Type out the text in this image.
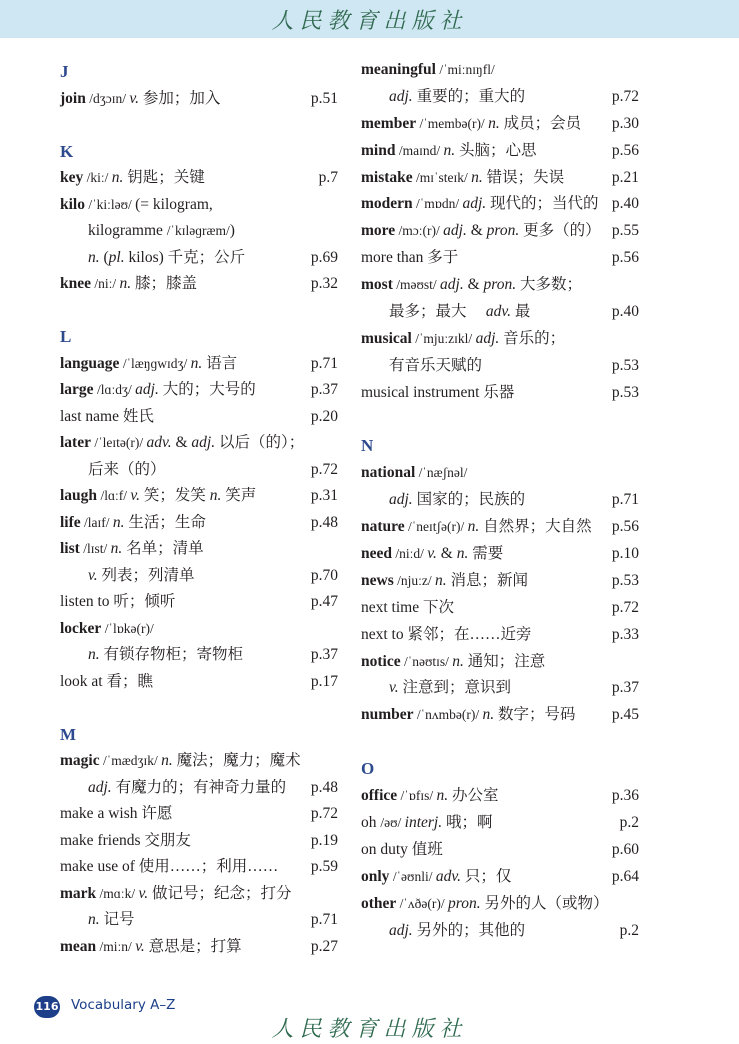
人民教育出版社
J
join /dʒɔɪn/ v. 参加；加入	p.51
K
key /kiː/ n. 钥匙；关键	p.7
kilo /ˈkiːləʊ/ (= kilogram,
kilogramme /ˈkɪləɡræm/)
n. (pl. kilos) 千克；公斤	p.69
knee /niː/ n. 膝；膝盖	p.32
L
language /ˈlæŋɡwɪdʒ/ n. 语言	p.71
large /lɑːdʒ/ adj. 大的；大号的	p.37
last name 姓氏	p.20
later /ˈleɪtə(r)/ adv. & adj. 以后（的）；
后来（的）	p.72
laugh /lɑːf/ v. 笑；发笑 n. 笑声	p.31
life /laɪf/ n. 生活；生命	p.48
list /lɪst/ n. 名单；清单
v. 列表；列清单	p.70
listen to 听；倾听	p.47
locker /ˈlɒkə(r)/
n. 有锁存物柜；寄物柜	p.37
look at 看；瞧	p.17
M
magic /ˈmædʒɪk/ n. 魔法；魔力；魔术
adj. 有魔力的；有神奇力量的 p.48
make a wish 许愿	p.72
make friends 交朋友	p.19
make use of 使用……；利用…… p.59
mark /mɑːk/ v. 做记号；纪念；打分
n. 记号	p.71
mean /miːn/ v. 意思是；打算	p.27
meaningful /ˈmiːnɪŋfl/
adj. 重要的；重大的	p.72
member /ˈmembə(r)/ n. 成员；会员 p.30
mind /maɪnd/ n. 头脑；心思	p.56
mistake /mɪˈsteɪk/ n. 错误；失误	p.21
modern /ˈmɒdn/ adj. 现代的；当代的 p.40
more /mɔː(r)/ adj. & pron. 更多（的） p.55
more than 多于	p.56
most /məʊst/ adj. & pron. 大多数；
最多；最大　 adv. 最	p.40
musical /ˈmjuːzɪkl/ adj. 音乐的；
有音乐天赋的	p.53
musical instrument 乐器	p.53
N
national /ˈnæʃnəl/
adj. 国家的；民族的	p.71
nature /ˈneɪtʃə(r)/ n. 自然界；大自然 p.56
need /niːd/ v. & n. 需要	p.10
news /njuːz/ n. 消息；新闻	p.53
next time 下次	p.72
next to 紧邻；在……近旁	p.33
notice /ˈnəʊtɪs/ n. 通知；注意
v. 注意到；意识到	p.37
number /ˈnʌmbə(r)/ n. 数字；号码 p.45
O
office /ˈɒfɪs/ n. 办公室	p.36
oh /əʊ/ interj. 哦；啊	p.2
on duty 值班	p.60
only /ˈəʊnli/ adv. 只；仅	p.64
other /ˈʌðə(r)/ pron. 另外的人（或物）
adj. 另外的；其他的	p.2
116 Vocabulary A–Z
人民教育出版社
